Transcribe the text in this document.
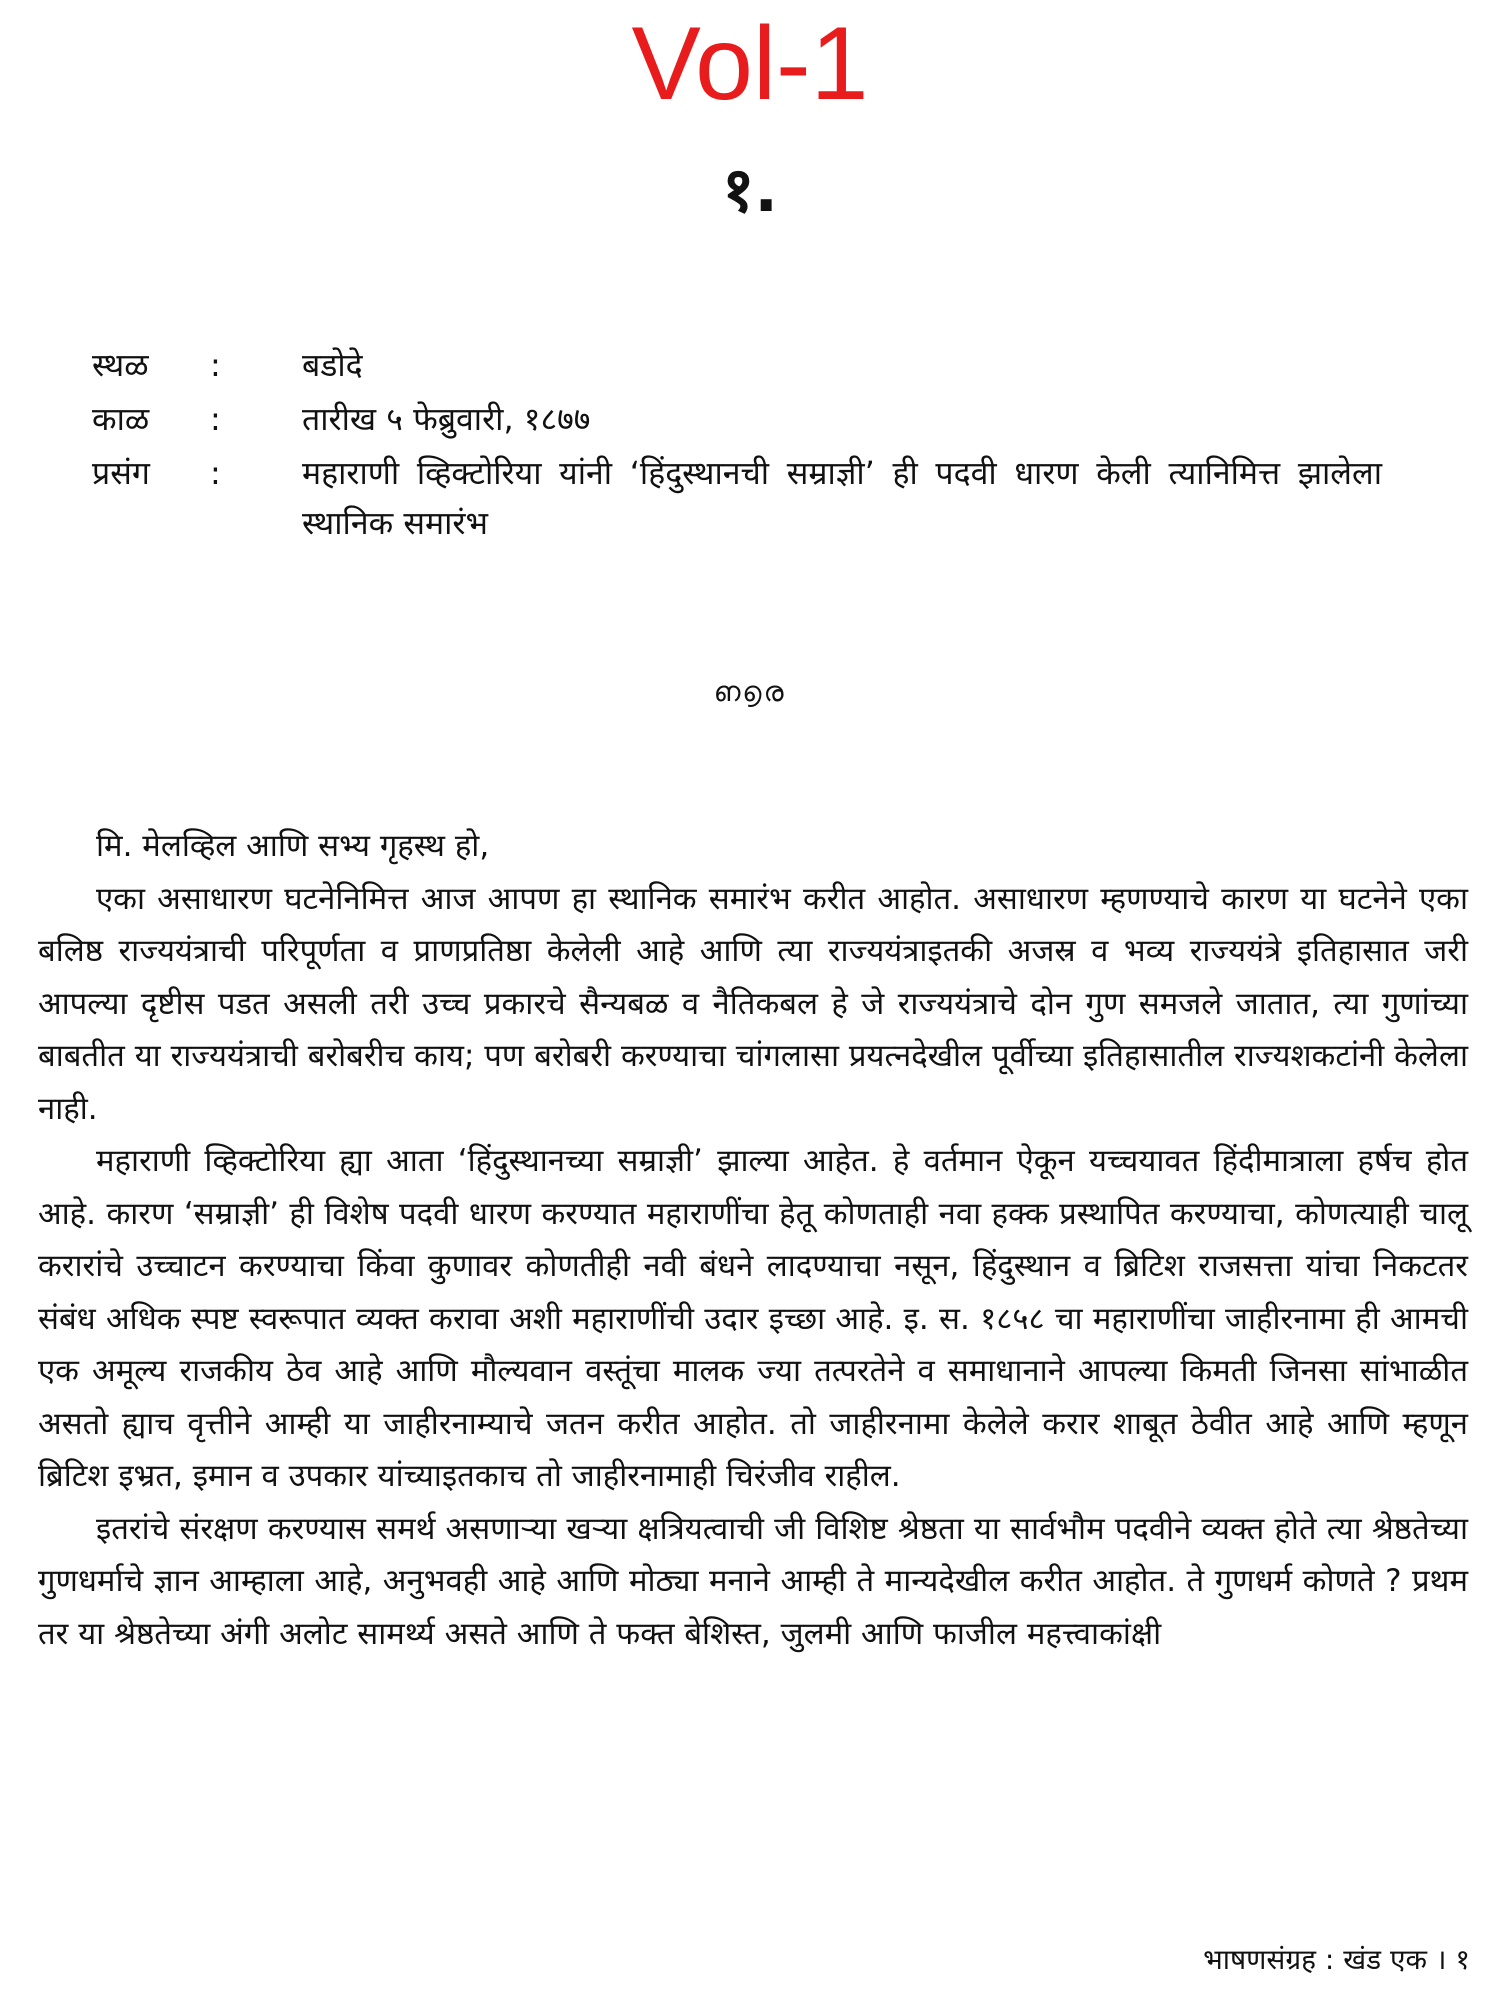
Vol-1
१.
स्थळ	:	बडोदे
काळ	:	तारीख ५ फेब्रुवारी, १८७७
प्रसंग	:	महाराणी व्हिक्टोरिया यांनी ‘हिंदुस्थानची सम्राज्ञी’ ही पदवी धारण केली त्यानिमित्त झालेला स्थानिक समारंभ
ഩ൭ര

मि. मेलव्हिल आणि सभ्य गृहस्थ हो,

एका असाधारण घटनेनिमित्त आज आपण हा स्थानिक समारंभ करीत आहोत. असाधारण म्हणण्याचे कारण या घटनेने एका बलिष्ठ राज्ययंत्राची परिपूर्णता व प्राणप्रतिष्ठा केलेली आहे आणि त्या राज्ययंत्राइतकी अजस्र व भव्य राज्ययंत्रे इतिहासात जरी आपल्या दृष्टीस पडत असली तरी उच्च प्रकारचे सैन्यबळ व नैतिकबल हे जे राज्ययंत्राचे दोन गुण समजले जातात, त्या गुणांच्या बाबतीत या राज्ययंत्राची बरोबरीच काय; पण बरोबरी करण्याचा चांगलासा प्रयत्नदेखील पूर्वीच्या इतिहासातील राज्यशकटांनी केलेला नाही.

महाराणी व्हिक्टोरिया ह्या आता ‘हिंदुस्थानच्या सम्राज्ञी’ झाल्या आहेत. हे वर्तमान ऐकून यच्चयावत हिंदीमात्राला हर्षच होत आहे. कारण ‘सम्राज्ञी’ ही विशेष पदवी धारण करण्यात महाराणींचा हेतू कोणताही नवा हक्क प्रस्थापित करण्याचा, कोणत्याही चालू करारांचे उच्चाटन करण्याचा किंवा कुणावर कोणतीही नवी बंधने लादण्याचा नसून, हिंदुस्थान व ब्रिटिश राजसत्ता यांचा निकटतर संबंध अधिक स्पष्ट स्वरूपात व्यक्त करावा अशी महाराणींची उदार इच्छा आहे. इ. स. १८५८ चा महाराणींचा जाहीरनामा ही आमची एक अमूल्य राजकीय ठेव आहे आणि मौल्यवान वस्तूंचा मालक ज्या तत्परतेने व समाधानाने आपल्या किमती जिनसा सांभाळीत असतो ह्याच वृत्तीने आम्ही या जाहीरनाम्याचे जतन करीत आहोत. तो जाहीरनामा केलेले करार शाबूत ठेवीत आहे आणि म्हणून ब्रिटिश इभ्रत, इमान व उपकार यांच्याइतकाच तो जाहीरनामाही चिरंजीव राहील.

इतरांचे संरक्षण करण्यास समर्थ असणाऱ्या खऱ्या क्षत्रियत्वाची जी विशिष्ट श्रेष्ठता या सार्वभौम पदवीने व्यक्त होते त्या श्रेष्ठतेच्या गुणधर्माचे ज्ञान आम्हाला आहे, अनुभवही आहे आणि मोठ्या मनाने आम्ही ते मान्यदेखील करीत आहोत. ते गुणधर्म कोणते ? प्रथम तर या श्रेष्ठतेच्या अंगी अलोट सामर्थ्य असते आणि ते फक्त बेशिस्त, जुलमी आणि फाजील महत्त्वाकांक्षी

भाषणसंग्रह : खंड एक । १
